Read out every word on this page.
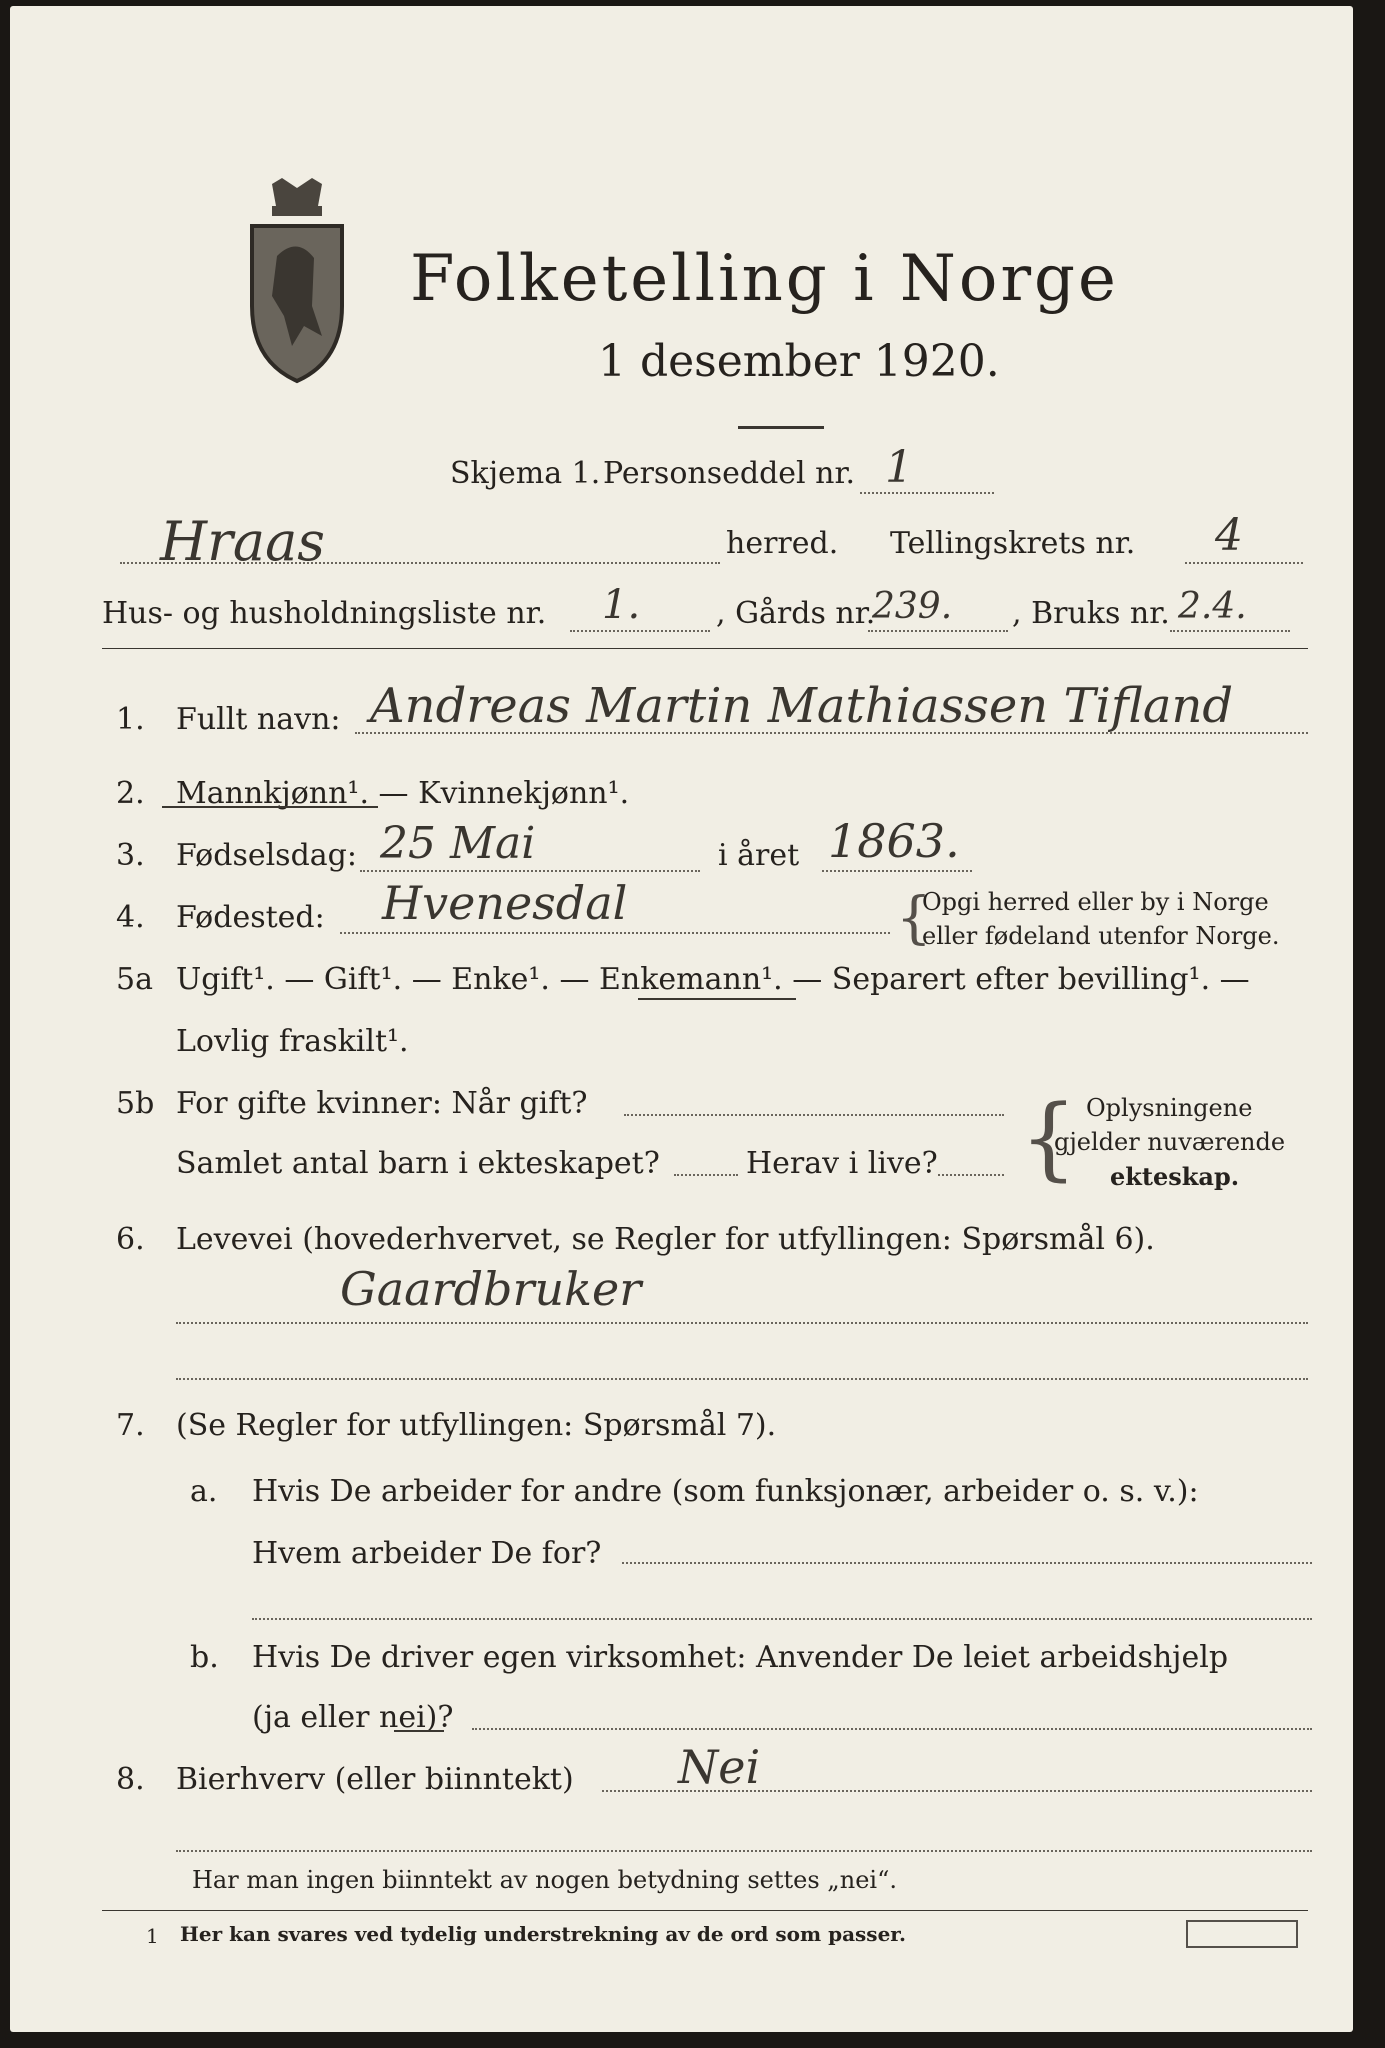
Folketelling i Norge
1 desember 1920.
Skjema 1. Personseddel nr. 1
Hraas	herred. Tellingskrets nr. 4
Hus- og husholdningsliste nr. 1.	, Gårds nr.
239. , Bruks nr. 2.4.
1. Fullt navn: Andreas Martin Mathiassen Tifland
2. Mannkjønn¹. — Kvinnekjønn¹.
3. Fødselsdag: 25 Mai	i året 1863.
4. Fødested: Hvenesdal	{
Opgi herred eller by i Norge
eller fødeland utenfor Norge.
5a Ugift¹. — Gift¹. — Enke¹. — Enkemann¹. — Separert efter bevilling¹. —
Lovlig fraskilt¹.
5b For gifte kvinner: Når gift?
Samlet antal barn i ekteskapet?	Herav i live? { Oplysningene
gjelder nuværende
ekteskap.
6. Levevei (hovederhvervet, se Regler for utfyllingen: Spørsmål 6).
Gaardbruker
7. (Se Regler for utfyllingen: Spørsmål 7).
a. Hvis De arbeider for andre (som funksjonær, arbeider o. s. v.):
Hvem arbeider De for?
b. Hvis De driver egen virksomhet: Anvender De leiet arbeidshjelp
(ja eller nei)?
8. Bierhverv (eller biinntekt) Nei
Har man ingen biinntekt av nogen betydning settes „nei“.
1 Her kan svares ved tydelig understrekning av de ord som passer.
